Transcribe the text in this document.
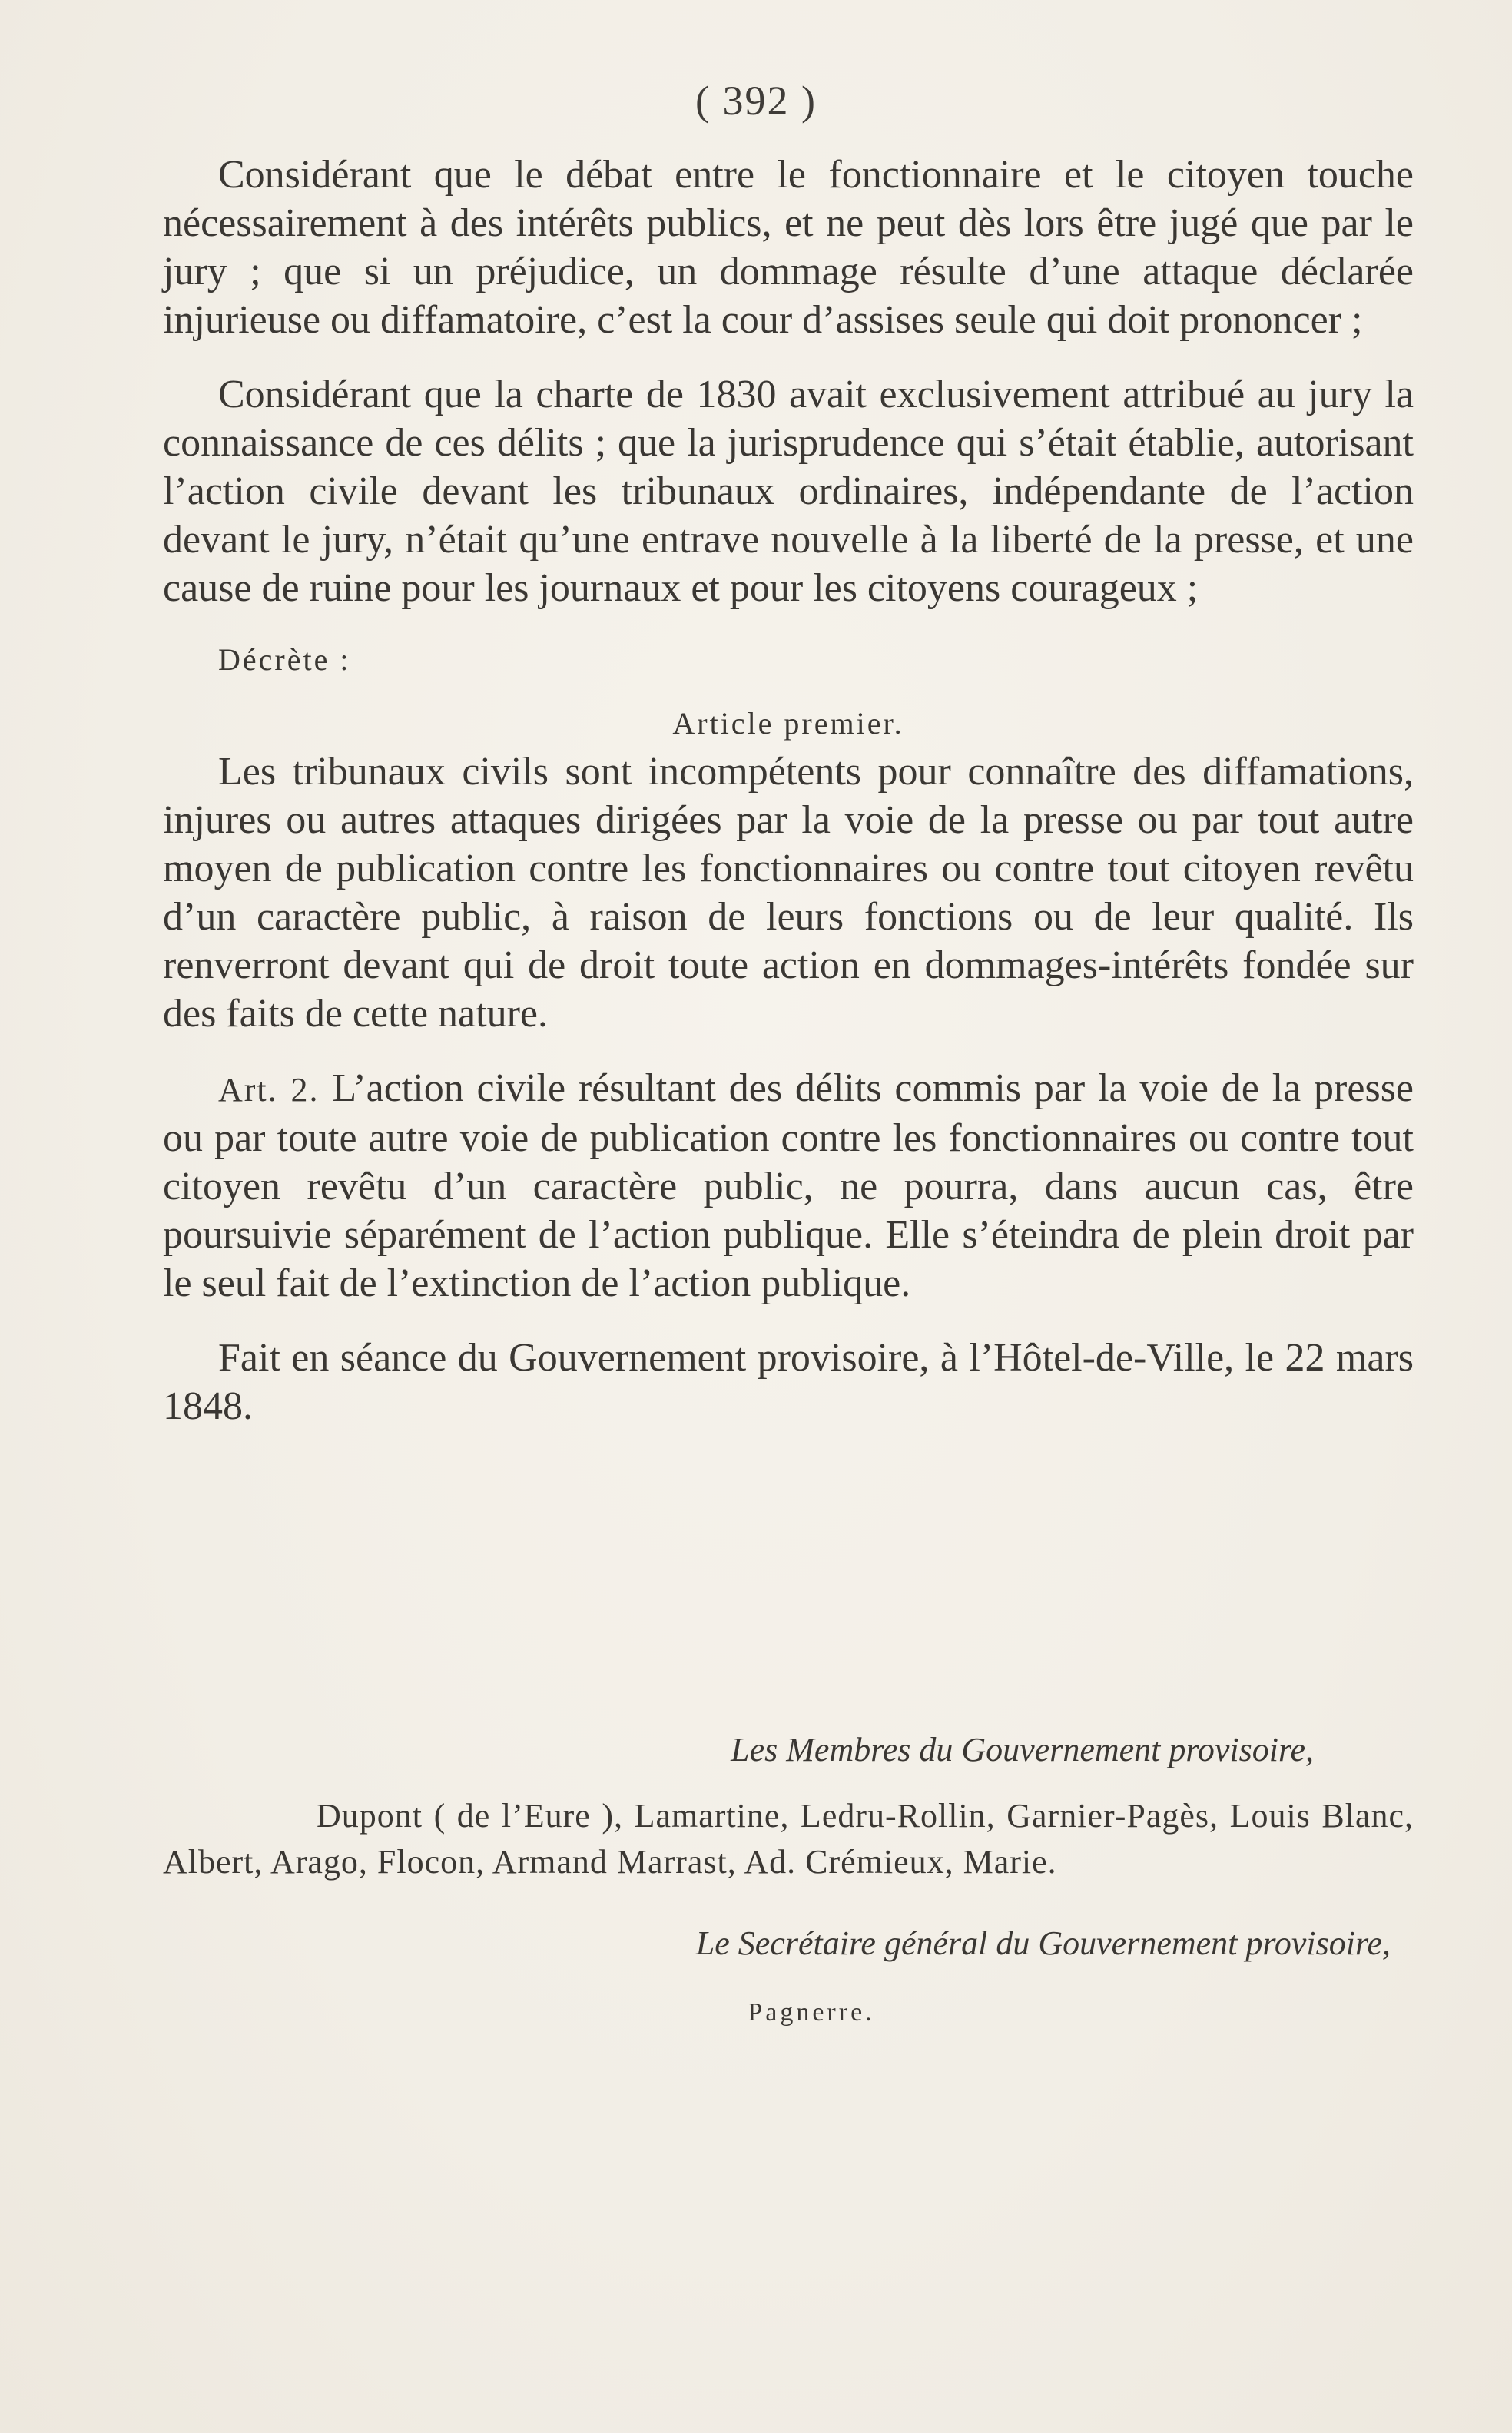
( 392 )

Considérant que le débat entre le fonctionnaire et le citoyen touche nécessairement à des intérêts publics, et ne peut dès lors être jugé que par le jury ; que si un préjudice, un dommage résulte d’une attaque déclarée injurieuse ou diffamatoire, c’est la cour d’assises seule qui doit prononcer ;

Considérant que la charte de 1830 avait exclusivement attribué au jury la connaissance de ces délits ; que la jurisprudence qui s’était établie, autorisant l’action civile devant les tribunaux ordinaires, indépendante de l’action devant le jury, n’était qu’une entrave nouvelle à la liberté de la presse, et une cause de ruine pour les journaux et pour les citoyens courageux ;

Décrète :
Article premier.

Les tribunaux civils sont incompétents pour connaître des diffamations, injures ou autres attaques dirigées par la voie de la presse ou par tout autre moyen de publication contre les fonctionnaires ou contre tout citoyen revêtu d’un caractère public, à raison de leurs fonctions ou de leur qualité. Ils renverront devant qui de droit toute action en dommages-intérêts fondée sur des faits de cette nature.

Art. 2. L’action civile résultant des délits commis par la voie de la presse ou par toute autre voie de publication contre les fonctionnaires ou contre tout citoyen revêtu d’un caractère public, ne pourra, dans aucun cas, être poursuivie séparément de l’action publique. Elle s’éteindra de plein droit par le seul fait de l’extinction de l’action publique.

Fait en séance du Gouvernement provisoire, à l’Hôtel-de-Ville, le 22 mars 1848.

Les Membres du Gouvernement provisoire,
Dupont ( de l’Eure ), Lamartine, Ledru-Rollin, Garnier-Pagès, Louis Blanc, Albert, Arago, Flocon, Armand Marrast, Ad. Crémieux, Marie.
Le Secrétaire général du Gouvernement provisoire,
Pagnerre.
